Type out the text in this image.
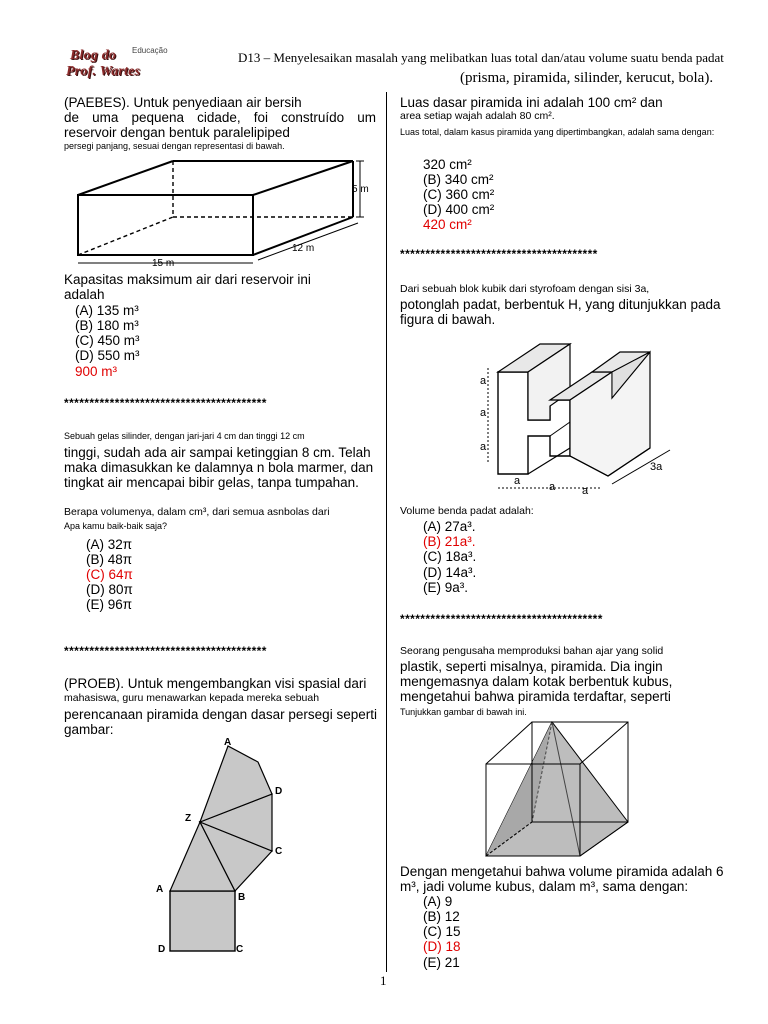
Blog do
Prof. Wartes
Educação	D13 – Menyelesaikan masalah yang melibatkan luas total dan/atau volume suatu benda padat
(prisma, piramida, silinder, kerucut, bola).
(PAEBES). Untuk penyediaan air bersih
de uma pequena cidade, foi construído um reservoir dengan bentuk paralelipiped
persegi panjang, sesuai dengan representasi di bawah.
5 m
15 m
12 m
Kapasitas maksimum air dari reservoir ini
adalah
(A) 135 m³
(B) 180 m³
(C) 450 m³
(D) 550 m³
900 m³
****************************************
Sebuah gelas silinder, dengan jari-jari 4 cm dan tinggi 12 cm
tinggi, sudah ada air sampai ketinggian 8 cm. Telah maka dimasukkan ke dalamnya n bola marmer, dan tingkat air mencapai bibir gelas, tanpa tumpahan.
Berapa volumenya, dalam cm³, dari semua asnbolas dari
Apa kamu baik-baik saja?
(A) 32π
(B) 48π
(C) 64π
(D) 80π
(E) 96π
****************************************
(PROEB). Untuk mengembangkan visi spasial dari
mahasiswa, guru menawarkan kepada mereka sebuah
perencanaan piramida dengan dasar persegi seperti gambar:
A
D
Z
C
A
B
D	C
Luas dasar piramida ini adalah 100 cm² dan
area setiap wajah adalah 80 cm².
Luas total, dalam kasus piramida yang dipertimbangkan, adalah sama dengan:
320 cm²
(B) 340 cm²
(C) 360 cm²
(D) 400 cm²
420 cm²
***************************************
Dari sebuah blok kubik dari styrofoam dengan sisi 3a,
potonglah padat, berbentuk H, yang ditunjukkan pada figura di bawah.
a
a
a
a	a a
3a
Volume benda padat adalah:
(A) 27a³.
(B) 21a³.
(C) 18a³.
(D) 14a³.
(E) 9a³.
****************************************
Seorang pengusaha memproduksi bahan ajar yang solid
plastik, seperti misalnya, piramida. Dia ingin mengemasnya dalam kotak berbentuk kubus, mengetahui bahwa piramida terdaftar, seperti
Tunjukkan gambar di bawah ini.
Dengan mengetahui bahwa volume piramida adalah 6 m³, jadi volume kubus, dalam m³, sama dengan:
(A) 9
(B) 12
(C) 15
(D) 18
(E) 21
1
